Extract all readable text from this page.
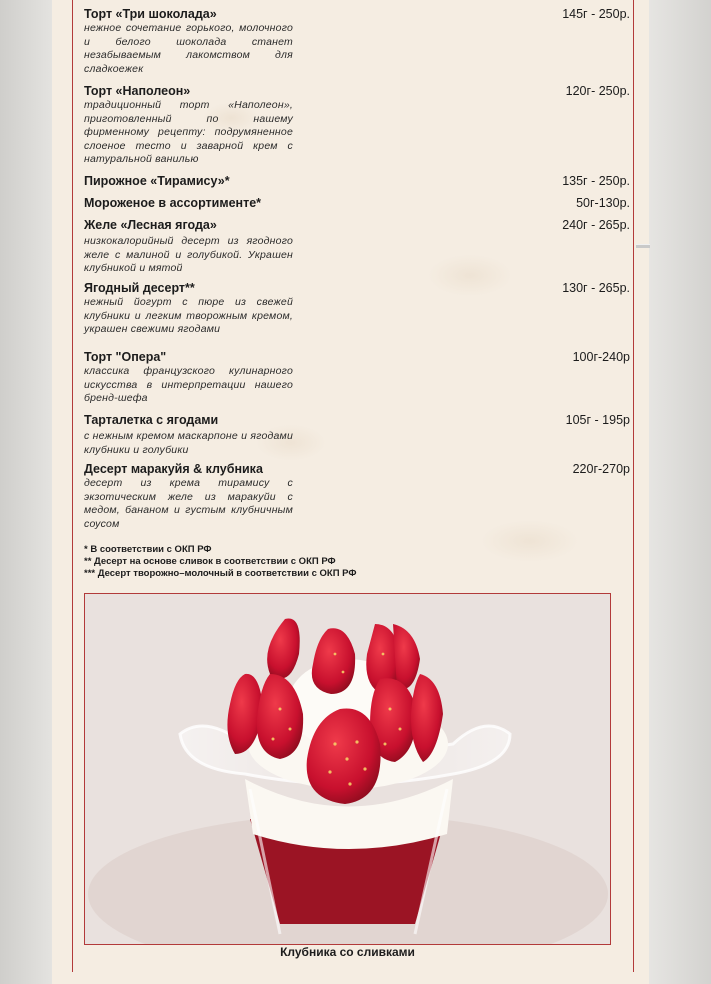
Торт «Три шоколада»	145г - 250р.
нежное сочетание горького, молочного и белого шоколада станет незабываемым лакомством для сладкоежек
Торт «Наполеон»	120г- 250р.
традиционный торт «Наполеон», приготовленный по нашему фирменному рецепту: подрумяненное слоеное тесто и заварной крем с натуральной ванилью
Пирожное «Тирамису»*	135г - 250р.
Мороженое в ассортименте*	50г-130р.
Желе «Лесная ягода»	240г - 265р.
низкокалорийный десерт из ягодного желе с малиной и голубикой. Украшен клубникой и мятой
Ягодный десерт**	130г - 265р.
нежный йогурт с пюре из свежей клубники и легким творожным кремом, украшен свежими ягодами
Торт "Опера"	100г-240р
классика французского кулинарного искусства в интерпретации нашего бренд-шефа
Тарталетка с ягодами	105г - 195р
с нежным кремом маскарпоне и ягодами клубники и голубики
Десерт маракуйя & клубника	220г-270р
десерт из крема тирамису с экзотическим желе из маракуйи с медом, бананом и густым клубничным соусом
* В соответствии с ОКП РФ
** Десерт на основе сливок в соответствии с ОКП РФ
*** Десерт творожно–молочный в соответствии с ОКП РФ
Клубника со сливками
